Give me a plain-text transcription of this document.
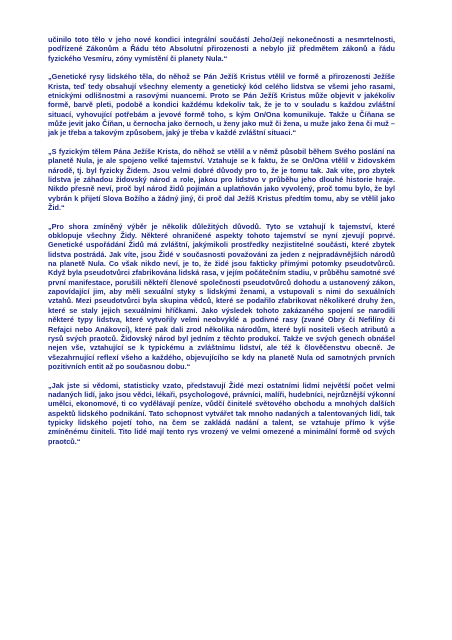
učinilo toto tělo v jeho nové kondici integrální součástí Jeho/Její nekonečnosti a nesmrtelnosti, podřízené Zákonům a Řádu této Absolutní přirozenosti a nebylo již předmětem zákonů a řádu fyzického Vesmíru, zóny vymístění či planety Nula.“

„Genetické rysy lidského těla, do něhož se Pán Ježíš Kristus vtělil ve formě a přirozenosti Ježíše Krista, teď tedy obsahují všechny elementy a genetický kód celého lidstva se všemi jeho rasami, etnickými odlišnostmi a rasovými nuancemi. Proto se Pán Ježíš Kristus může objevit v jakékoliv formě, barvě pleti, podobě a kondici každému kdekoliv tak, že je to v souladu s každou zvláštní situací, vyhovující potřebám a jevové formě toho, s kým On/Ona komunikuje. Takže u Číňana se může jevit jako Číňan, u černocha jako černoch, u ženy jako muž či žena, u muže jako žena či muž – jak je třeba a takovým způsobem, jaký je třeba v každé zvláštní situaci.“

„S fyzickým tělem Pána Ježíše Krista, do něhož se vtělil a v němž působil během Svého poslání na planetě Nula, je ale spojeno velké tajemství. Vztahuje se k faktu, že se On/Ona vtělil v židovském národě, tj. byl fyzicky Židem. Jsou velmi dobré důvody pro to, že je tomu tak. Jak víte, pro zbytek lidstva je záhadou židovský národ a role, jakou pro lidstvo v průběhu jeho dlouhé historie hraje. Nikdo přesně neví, proč byl národ židů pojímán a uplatňován jako vyvolený, proč tomu bylo, že byl vybrán k přijetí Slova Božího a žádný jiný, či proč dal Ježíš Kristus předtím tomu, aby se vtělil jako Žid.“

„Pro shora zmíněný výběr je několik důležitých důvodů. Tyto se vztahují k tajemství, které obklopuje všechny Židy. Některé ohraničené aspekty tohoto tajemství se nyní zjevují poprvé. Genetické uspořádání Židů má zvláštní, jakýmikoli prostředky nezjistitelné součásti, které zbytek lidstva postrádá. Jak víte, jsou Židé v současnosti považováni za jeden z nejpradávnějších národů na planetě Nula. Co však nikdo neví, je to, že židé jsou fakticky přímými potomky pseudotvůrců. Když byla pseudotvůrci zfabrikována lidská rasa, v jejím počátečním stadiu, v průběhu samotné své první manifestace, porušili někteří členové společnosti pseudotvůrců dohodu a ustanovený zákon, zapovídající jim, aby měli sexuální styky s lidskými ženami, a vstupovali s nimi do sexuálních vztahů. Mezi pseudotvůrci byla skupina vědců, které se podařilo zfabrikovat několikeré druhy žen, které se staly jejich sexuálními hříčkami. Jako výsledek tohoto zakázaného spojení se narodili některé typy lidstva, které vytvořily velmi neobvyklé a podivné rasy (zvané Obry či Nefilíny či Refajci nebo Anákovci), které pak dali zrod několika národům, které byli nositeli všech atributů a rysů svých praotců. Židovský národ byl jedním z těchto produkcí. Takže ve svých genech obnášel nejen vše, vztahující se k typickému a zvláštnímu lidství, ale též k člověčenstvu obecně. Je všezahrnující reflexí všeho a každého, objevujícího se kdy na planetě Nula od samotných prvních pozitivních entit až po současnou dobu.“

„Jak jste si vědomi, statisticky vzato, představují Židé mezi ostatními lidmi největší počet velmi nadaných lidí, jako jsou vědci, lékaři, psychologové, právníci, malíři, hudebníci, nejrůznější výkonní umělci, ekonomové, ti co vydělávají peníze, vůdčí činitelé světového obchodu a mnohých dalších aspektů lidského podnikání. Tato schopnost vytvářet tak mnoho nadaných a talentovaných lidí, tak typicky lidského pojetí toho, na čem se zakládá nadání a talent, se vztahuje přímo k výše zmíněnému činiteli. Tito lidé mají tento rys vrozený ve velmi omezené a minimální formě od svých praotců.“
